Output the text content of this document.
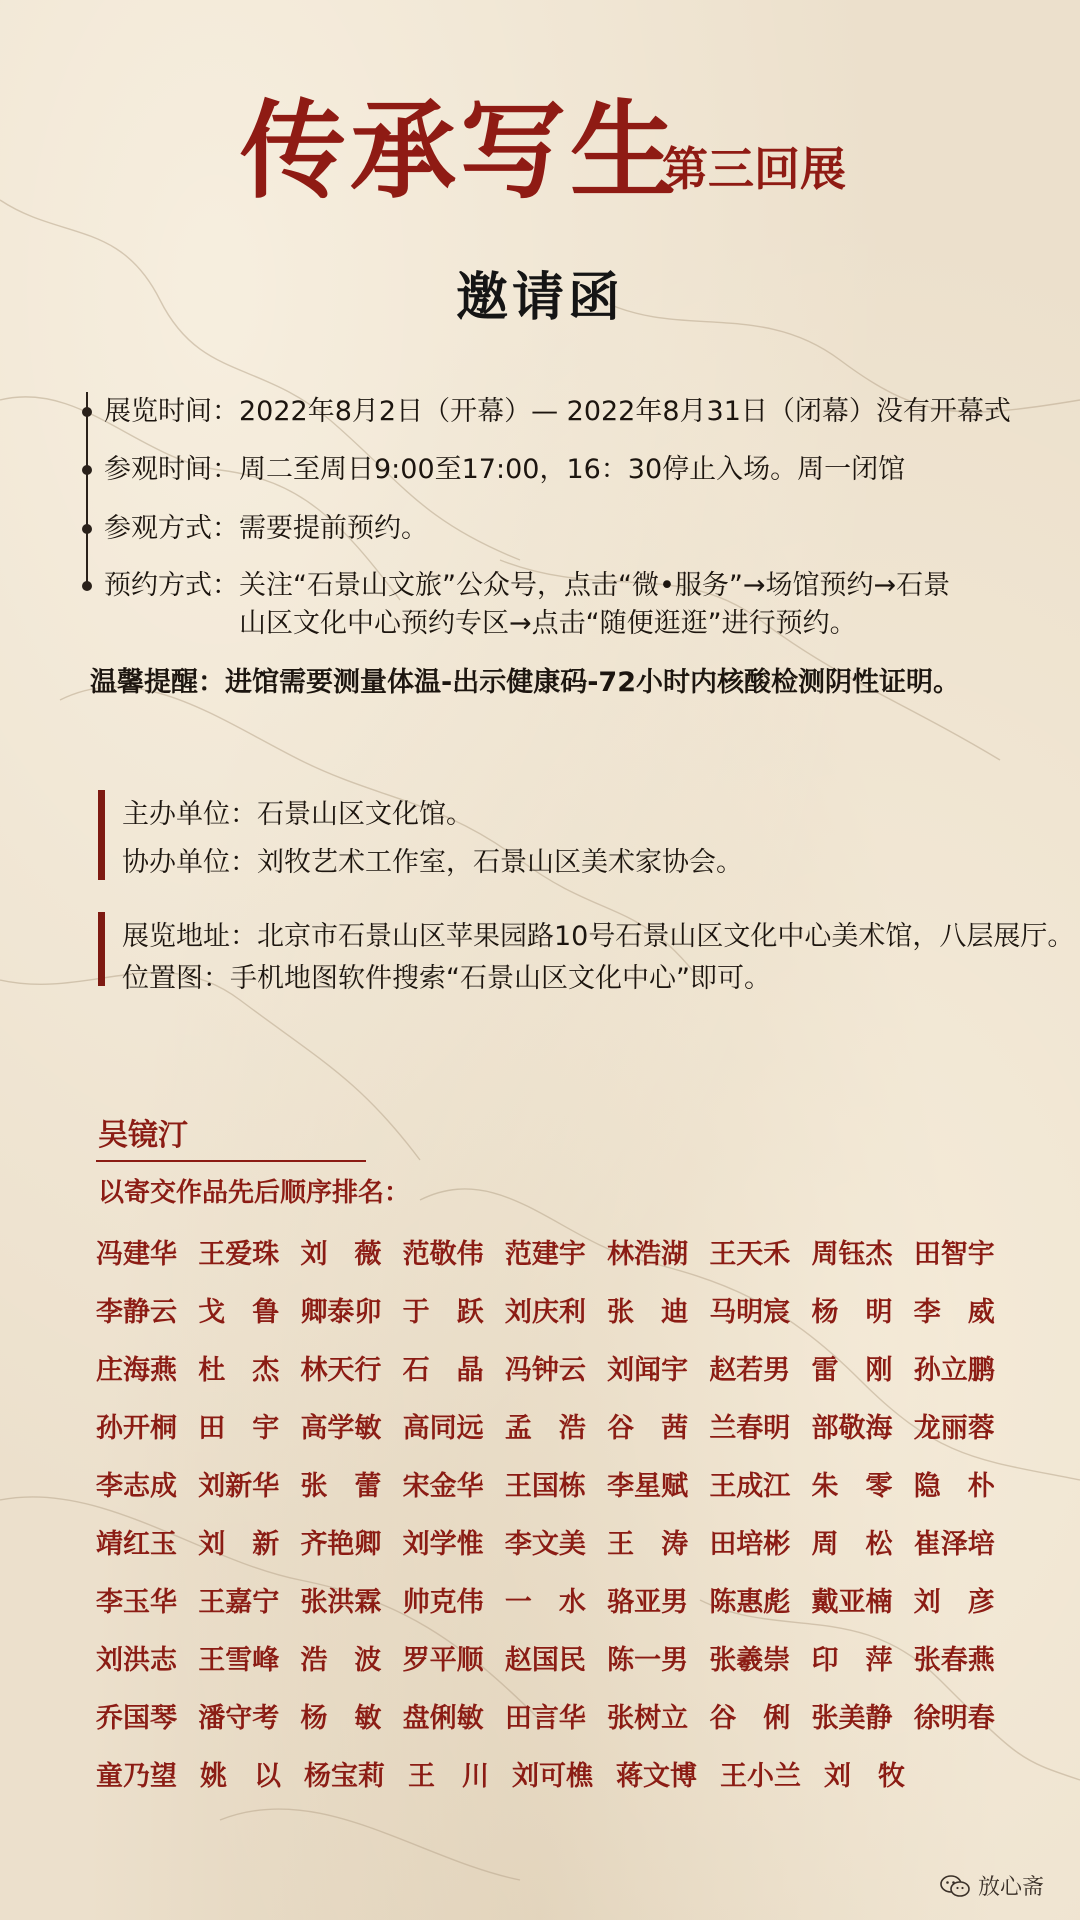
传承写生
第三回展
邀请函
展览时间：2022年8月2日（开幕）— 2022年8月31日（闭幕）没有开幕式
参观时间：周二至周日9:00至17:00，16：30停止入场。周一闭馆
参观方式：需要提前预约。
预约方式：关注“石景山文旅”公众号，点击“微•服务”→场馆预约→石景
山区文化中心预约专区→点击“随便逛逛”进行预约。
温馨提醒：进馆需要测量体温-出示健康码-72小时内核酸检测阴性证明。
主办单位：石景山区文化馆。
协办单位：刘牧艺术工作室，石景山区美术家协会。
展览地址：北京市石景山区苹果园路10号石景山区文化中心美术馆，八层展厅。
位置图：手机地图软件搜索“石景山区文化中心”即可。
吴镜汀
以寄交作品先后顺序排名：
冯建华 王爱珠 刘　薇 范敬伟 范建宇 林浩湖 王天禾 周钰杰 田智宇
李静云 戈　鲁 卿泰卯 于　跃 刘庆利 张　迪 马明宸 杨　明 李　威
庄海燕 杜　杰 林天行 石　晶 冯钟云 刘闻宇 赵若男 雷　刚 孙立鹏
孙开桐 田　宇 高学敏 高同远 孟　浩 谷　茜 兰春明 部敬海 龙丽蓉
李志成 刘新华 张　蕾 宋金华 王国栋 李星赋 王成江 朱　零 隐　朴
靖红玉 刘　新 齐艳卿 刘学惟 李文美 王　涛 田培彬 周　松 崔泽培
李玉华 王嘉宁 张洪霖 帅克伟 一　水 骆亚男 陈惠彪 戴亚楠 刘　彦
刘洪志 王雪峰 浩　波 罗平顺 赵国民 陈一男 张羲崇 印　萍 张春燕
乔国琴 潘守考 杨　敏 盘俐敏 田言华 张树立 谷　俐 张美静 徐明春
童乃望 姚　以 杨宝莉 王　川 刘可樵 蒋文博 王小兰 刘　牧
放心斋
